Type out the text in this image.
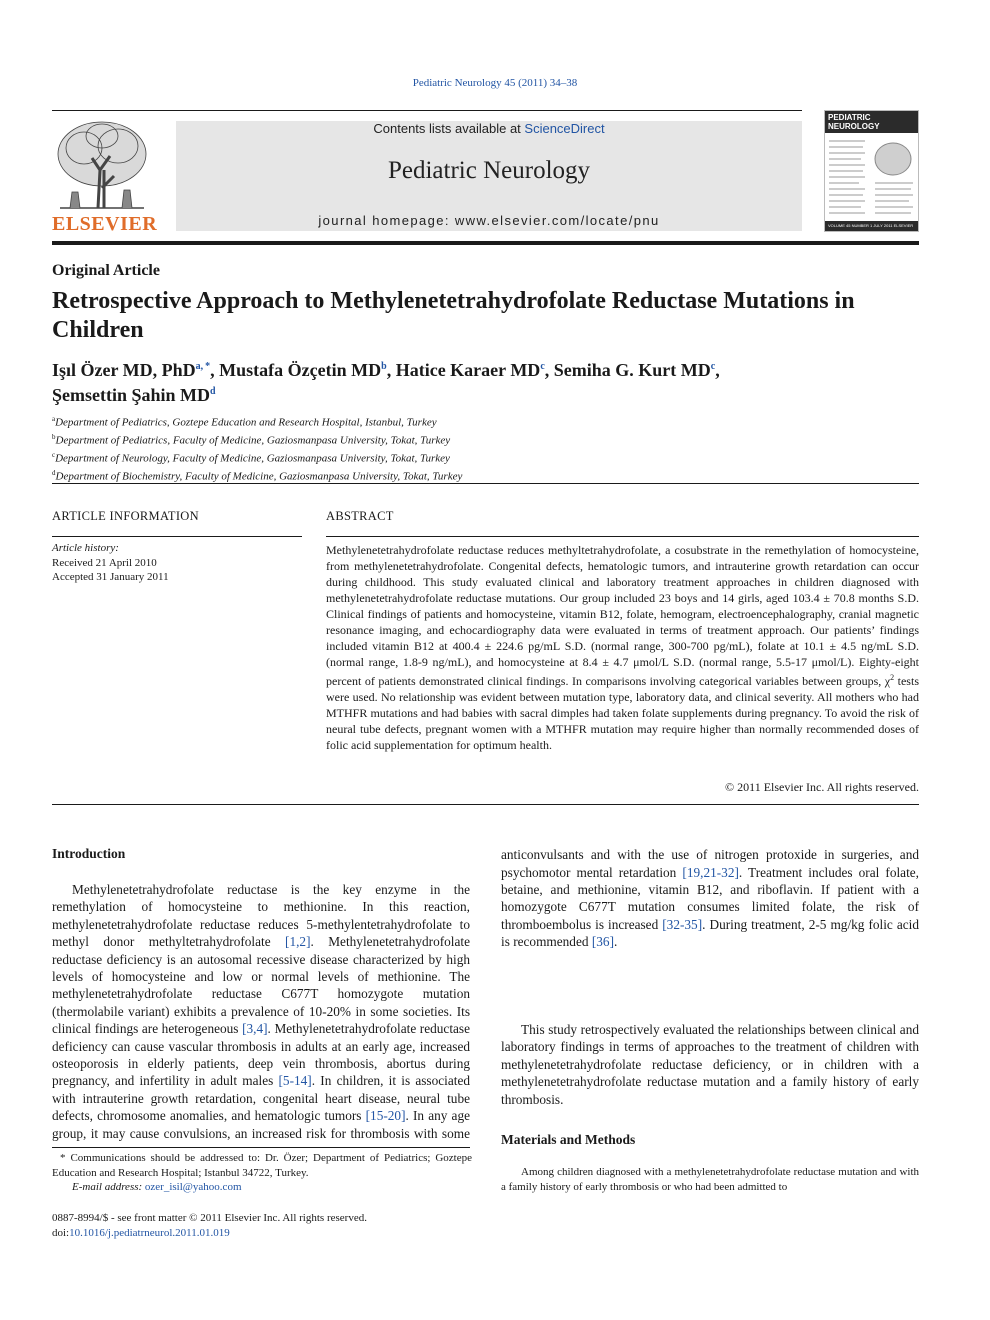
Pediatric Neurology 45 (2011) 34–38
ELSEVIER
Contents lists available at ScienceDirect
Pediatric Neurology
journal homepage: www.elsevier.com/locate/pnu
PEDIATRIC
NEUROLOGY
VOLUME 45 NUMBER 1 JULY 2011 ELSEVIER
Original Article
Retrospective Approach to Methylenetetrahydrofolate Reductase Mutations in Children
Işıl Özer MD, PhD$^{a, *}$, Mustafa Özçetin $MD^b$, Hatice Karaer $MD^c$, Semiha G. Kurt $MD^c$,
Şemsettin Şahin $MD^d$
$^a$Department of Pediatrics, Goztepe Education and Research Hospital, Istanbul, Turkey
$^b$Department of Pediatrics, Faculty of Medicine, Gaziosmanpasa University, Tokat, Turkey
$^c$Department of Neurology, Faculty of Medicine, Gaziosmanpasa University, Tokat, Turkey
$^d$Department of Biochemistry, Faculty of Medicine, Gaziosmanpasa University, Tokat, Turkey
ARTICLE INFORMATION	ABSTRACT
Article history:
Received 21 April 2010
Accepted 31 January 2011
Methylenetetrahydrofolate reductase reduces methyltetrahydrofolate, a cosubstrate in the remethylation of homocysteine, from methylenetetrahydrofolate. Congenital defects, hematologic tumors, and intrauterine growth retardation can occur during childhood. This study evaluated clinical and laboratory treatment approaches in children diagnosed with methylenetetrahydrofolate reductase mutations. Our group included 23 boys and 14 girls, aged 103.4 ± 70.8 months S.D. Clinical findings of patients and homocysteine, vitamin B12, folate, hemogram, electroencephalography, cranial magnetic resonance imaging, and echocardiography data were evaluated in terms of treatment approach. Our patients’ findings included vitamin B12 at 400.4 ± 224.6 pg/mL S.D. (normal range, 300-700 pg/mL), folate at 10.1 ± 4.5 ng/mL S.D. (normal range, 1.8-9 ng/mL), and homocysteine at 8.4 ± 4.7 μmol/L S.D. (normal range, 5.5-17 μmol/L). Eighty-eight percent of patients demonstrated clinical findings. In comparisons involving categorical variables between groups, $\chi^2$ tests were used. No relationship was evident between mutation type, laboratory data, and clinical severity. All mothers who had MTHFR mutations and had babies with sacral dimples had taken folate supplements during pregnancy. To avoid the risk of neural tube defects, pregnant women with a MTHFR mutation may require higher than normally recommended doses of folic acid supplementation for optimum health.
© 2011 Elsevier Inc. All rights reserved.
Introduction

Methylenetetrahydrofolate reductase is the key enzyme in the remethylation of homocysteine to methionine. In this reaction, methylenetetrahydrofolate reductase reduces 5-methylentetrahydrofolate to methyl donor methyltetrahydrofolate [1,2]. Methylenetetrahydrofolate reductase deficiency is an autosomal recessive disease characterized by high levels of homocysteine and low or normal levels of methionine. The methylenetetrahydrofolate reductase C677T homozygote mutation (thermolabile variant) exhibits a prevalence of 10-20% in some societies. Its clinical findings are heterogeneous [3,4]. Methylenetetrahydrofolate reductase deficiency can cause vascular thrombosis in adults at an early age, increased osteoporosis in elderly patients, deep vein thrombosis, abortus during pregnancy, and infertility in adult males [5-14]. In children, it is associated with intrauterine growth retardation, congenital heart disease, neural tube defects, chromosome anomalies, and hematologic tumors [15-20]. In any age group, it may cause convulsions, an increased risk for thrombosis with some

anticonvulsants and with the use of nitrogen protoxide in surgeries, and psychomotor mental retardation [19,21-32]. Treatment includes oral folate, betaine, and methionine, vitamin B12, and riboflavin. If patient with a homozygote C677T mutation consumes limited folate, the risk of thromboembolus is increased [32-35]. During treatment, 2-5 mg/kg folic acid is recommended [36].

This study retrospectively evaluated the relationships between clinical and laboratory findings in terms of approaches to the treatment of children with methylenetetrahydrofolate reductase deficiency, or in children with a methylenetetrahydrofolate reductase mutation and a family history of early thrombosis.

Materials and Methods
Among children diagnosed with a methylenetetrahydrofolate reductase mutation and with a family history of early thrombosis or who had been admitted to
* Communications should be addressed to: Dr. Özer; Department of Pediatrics; Goztepe Education and Research Hospital; Istanbul 34722, Turkey.
E-mail address: ozer_isil@yahoo.com
0887-8994/$ - see front matter © 2011 Elsevier Inc. All rights reserved.
doi:10.1016/j.pediatrneurol.2011.01.019
